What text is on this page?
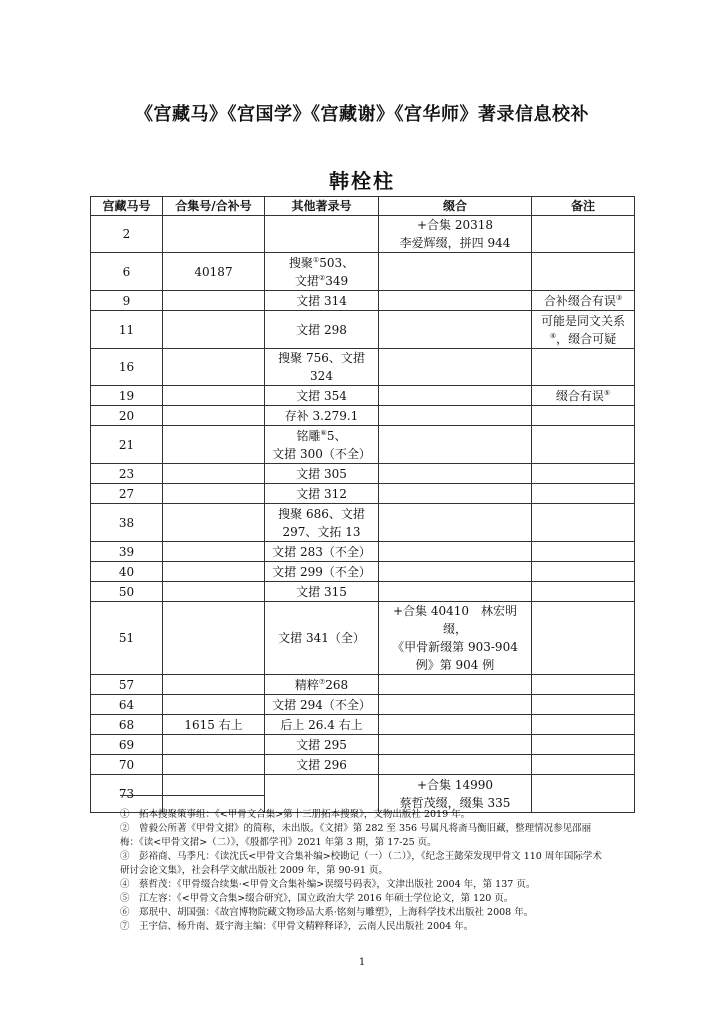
《宫藏马》《宫国学》《宫藏谢》《宫华师》著录信息校补
韩栓柱
宫藏马号	合集号/合补号	其他著录号	缀合	备注
2			+合集 20318
李爱辉缀，拼四 944	

6	40187	搜聚①503、
文捃②349		

9		文捃 314		合补缀合有误③

11		文捃 298		可能是同文关系
④，缀合可疑

16		搜聚 756、文捃 324		

19		文捃 354		缀合有误⑤

20		存补 3.279.1		

21		铭雕⑥5、
文捃 300（不全）		

23		文捃 305		

27		文捃 312		

38		搜聚 686、文捃
297、文拓 13		

39		文捃 283（不全）		

40		文捃 299（不全）		

50		文捃 315		

51		文捃 341（全）	+合集 40410　林宏明缀，
《甲骨新缀第 903-904
例》第 904 例	

57		精粹⑦268		

64		文捃 294（不全）		

68	1615 右上	后上 26.4 右上		

69		文捃 295		

70		文捃 296		

73			+合集 14990
蔡哲茂缀，缀集 335	

①　拓本搜聚策事组：《<甲骨文合集>第十三册拓本搜聚》，文物出版社 2019 年。

②　曾毅公所著《甲骨文捃》的简称，未出版。《文捃》第 282 至 356 号属凡将斋马衡旧藏，整理情况参见邵丽梅：《读<甲骨文捃>（二）》，《殷都学刊》2021 年第 3 期，第 17-25 页。

③　彭裕商、马季凡：《读沈氏<甲骨文合集补编>校勘记（一）（二）》，《纪念王懿荣发现甲骨文 110 周年国际学术研讨会论文集》，社会科学文献出版社 2009 年，第 90-91 页。

④　蔡哲茂：《甲骨缀合续集·<甲骨文合集补编>误缀号码表》，文津出版社 2004 年，第 137 页。

⑤　江左容：《<甲骨文合集>缀合研究》，国立政治大学 2016 年硕士学位论文，第 120 页。

⑥　郑珉中、胡国强：《故宫博物院藏文物珍品大系·铭刻与雕塑》，上海科学技术出版社 2008 年。

⑦　王宇信、杨升南、聂宇海主编：《甲骨文精粹释译》，云南人民出版社 2004 年。

1
